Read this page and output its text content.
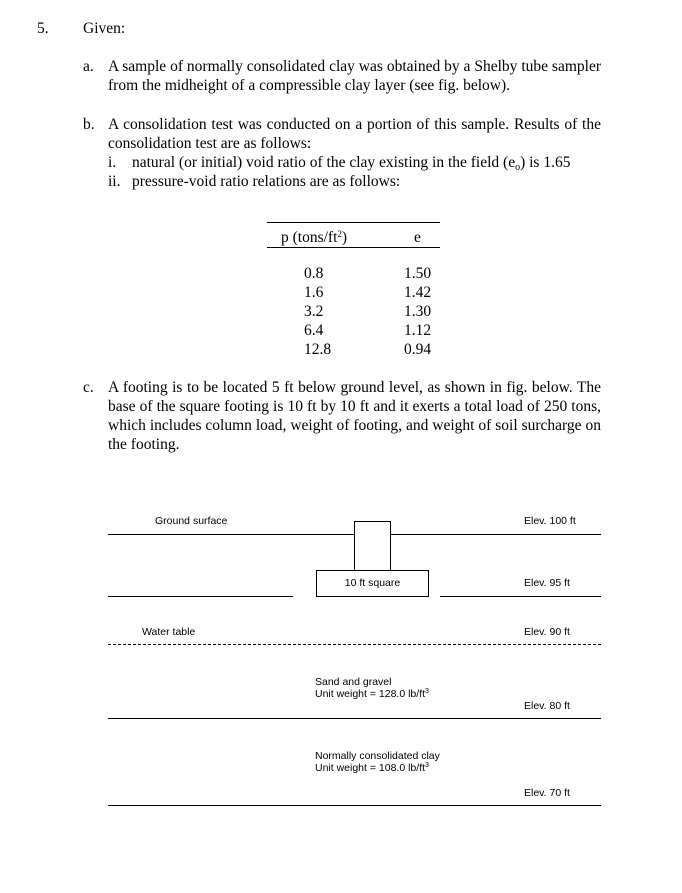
5. Given:
a. A sample of normally consolidated clay was obtained by a Shelby tube sampler from the midheight of a compressible clay layer (see fig. below).
b. A consolidation test was conducted on a portion of this sample. Results of the consolidation test are as follows:
i. natural (or initial) void ratio of the clay existing in the field $(e_o)$ is 1.65
ii. pressure-void ratio relations are as follows:
p $(tons/ft^2)$	e
0.8	1.50
1.6	1.42
3.2	1.30
6.4	1.12
12.8	0.94
c. A footing is to be located 5 ft below ground level, as shown in fig. below. The base of the square footing is 10 ft by 10 ft and it exerts a total load of 250 tons, which includes column load, weight of footing, and weight of soil surcharge on the footing.
Ground surface	Elev. 100 ft
10 ft square	Elev. 95 ft
Water table	Elev. 90 ft
Sand and gravel
Unit weight = 128.0 $lb/ft^3$
Elev. 80 ft
Normally consolidated clay
Unit weight = 108.0 $lb/ft^3$
Elev. 70 ft
